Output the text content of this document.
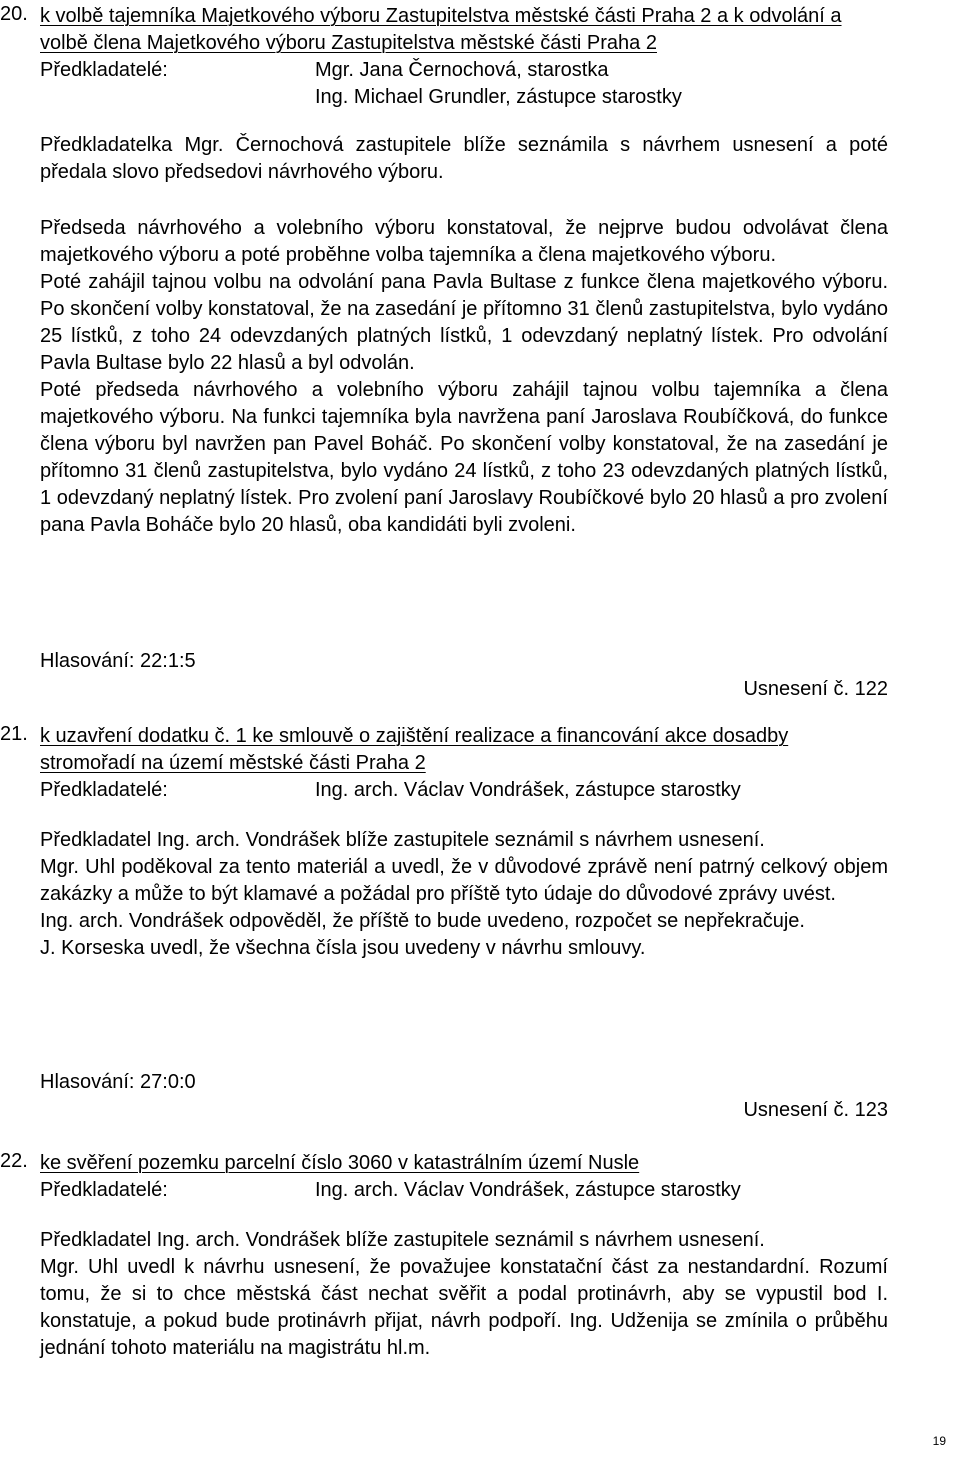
20. k volbě tajemníka Majetkového výboru Zastupitelstva městské části Praha 2 a k odvolání a volbě člena Majetkového výboru Zastupitelstva městské části Praha 2
Předkladatelé:	Mgr. Jana Černochová, starostka
Ing. Michael Grundler, zástupce starostky

Předkladatelka Mgr. Černochová zastupitele blíže seznámila s návrhem usnesení a poté předala slovo předsedovi návrhového výboru.

Předseda návrhového a volebního výboru konstatoval, že nejprve budou odvolávat člena majetkového výboru a poté proběhne volba tajemníka a člena majetkového výboru.

Poté zahájil tajnou volbu na odvolání pana Pavla Bultase z funkce člena majetkového výboru. Po skončení volby konstatoval, že na zasedání je přítomno 31 členů zastupitelstva, bylo vydáno 25 lístků, z toho 24 odevzdaných platných lístků, 1 odevzdaný neplatný lístek. Pro odvolání Pavla Bultase bylo 22 hlasů a byl odvolán.

Poté předseda návrhového a volebního výboru zahájil tajnou volbu tajemníka a člena majetkového výboru. Na funkci tajemníka byla navržena paní Jaroslava Roubíčková, do funkce člena výboru byl navržen pan Pavel Boháč. Po skončení volby konstatoval, že na zasedání je přítomno 31 členů zastupitelstva, bylo vydáno 24 lístků, z toho 23 odevzdaných platných lístků, 1 odevzdaný neplatný lístek. Pro zvolení paní Jaroslavy Roubíčkové bylo 20 hlasů a pro zvolení pana Pavla Boháče bylo 20 hlasů, oba kandidáti byli zvoleni.

Hlasování: 22:1:5
Usnesení č. 122
21. k uzavření dodatku č. 1 ke smlouvě o zajištění realizace a financování akce dosadby stromořadí na území městské části Praha 2
Předkladatelé:	Ing. arch. Václav Vondrášek, zástupce starostky

Předkladatel Ing. arch. Vondrášek blíže zastupitele seznámil s návrhem usnesení.

Mgr. Uhl poděkoval za tento materiál a uvedl, že v důvodové zprávě není patrný celkový objem zakázky a může to být klamavé a požádal pro příště tyto údaje do důvodové zprávy uvést.

Ing. arch. Vondrášek odpověděl, že příště to bude uvedeno, rozpočet se nepřekračuje.

J. Korseska uvedl, že všechna čísla jsou uvedeny v návrhu smlouvy.

Hlasování: 27:0:0
Usnesení č. 123
22. ke svěření pozemku parcelní číslo 3060 v katastrálním území Nusle
Předkladatelé:	Ing. arch. Václav Vondrášek, zástupce starostky

Předkladatel Ing. arch. Vondrášek blíže zastupitele seznámil s návrhem usnesení.

Mgr. Uhl uvedl k návrhu usnesení, že považujee konstatační část za nestandardní. Rozumí tomu, že si to chce městská část nechat svěřit a podal protinávrh, aby se vypustil bod I. konstatuje, a pokud bude protinávrh přijat, návrh podpoří. Ing. Udženija se zmínila o průběhu jednání tohoto materiálu na magistrátu hl.m.

19
